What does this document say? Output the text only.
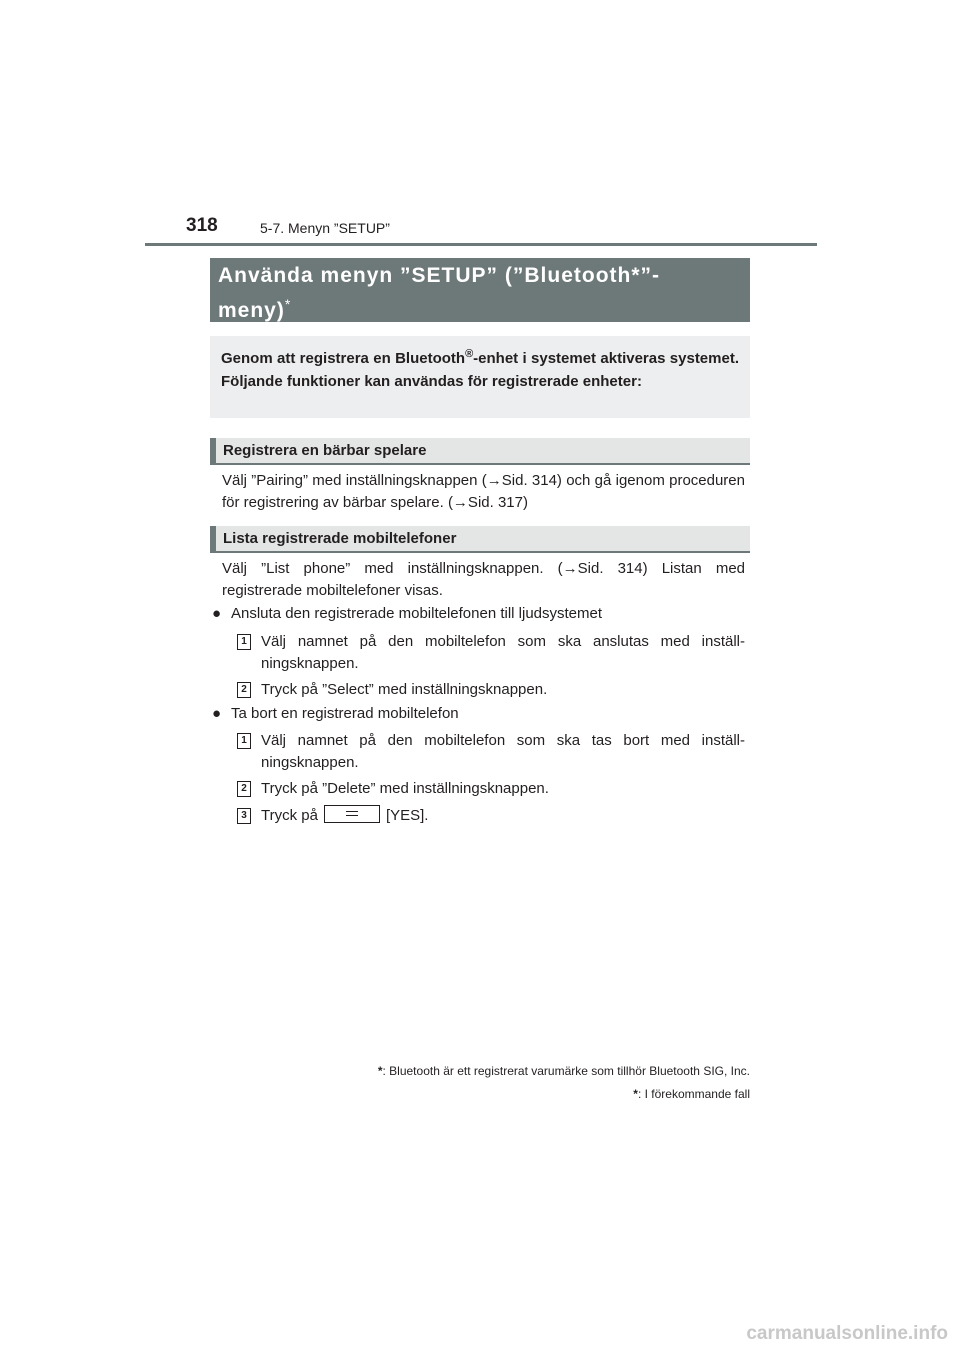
318	5-7. Menyn ”SETUP”
Använda menyn ”SETUP” (”Bluetooth*”-
meny)*
Genom att registrera en Bluetooth®-enhet i systemet aktiveras systemet. Följande funktioner kan användas för registrerade enheter:
Registrera en bärbar spelare
Välj ”Pairing” med inställningsknappen (→Sid. 314) och gå igenom proceduren för registrering av bärbar spelare. (→Sid. 317)
Lista registrerade mobiltelefoner
Välj ”List phone” med inställningsknappen. (→Sid. 314) Listan med registrerade mobiltelefoner visas.
● Ansluta den registrerade mobiltelefonen till ljudsystemet
1 Välj namnet på den mobiltelefon som ska anslutas med inställ-ningsknappen.
2 Tryck på ”Select” med inställningsknappen.
● Ta bort en registrerad mobiltelefon
1 Välj namnet på den mobiltelefon som ska tas bort med inställ-ningsknappen.
2 Tryck på ”Delete” med inställningsknappen.
3 Tryck på	[YES].
*: Bluetooth är ett registrerat varumärke som tillhör Bluetooth SIG, Inc.
*: I förekommande fall
carmanualsonline.info
